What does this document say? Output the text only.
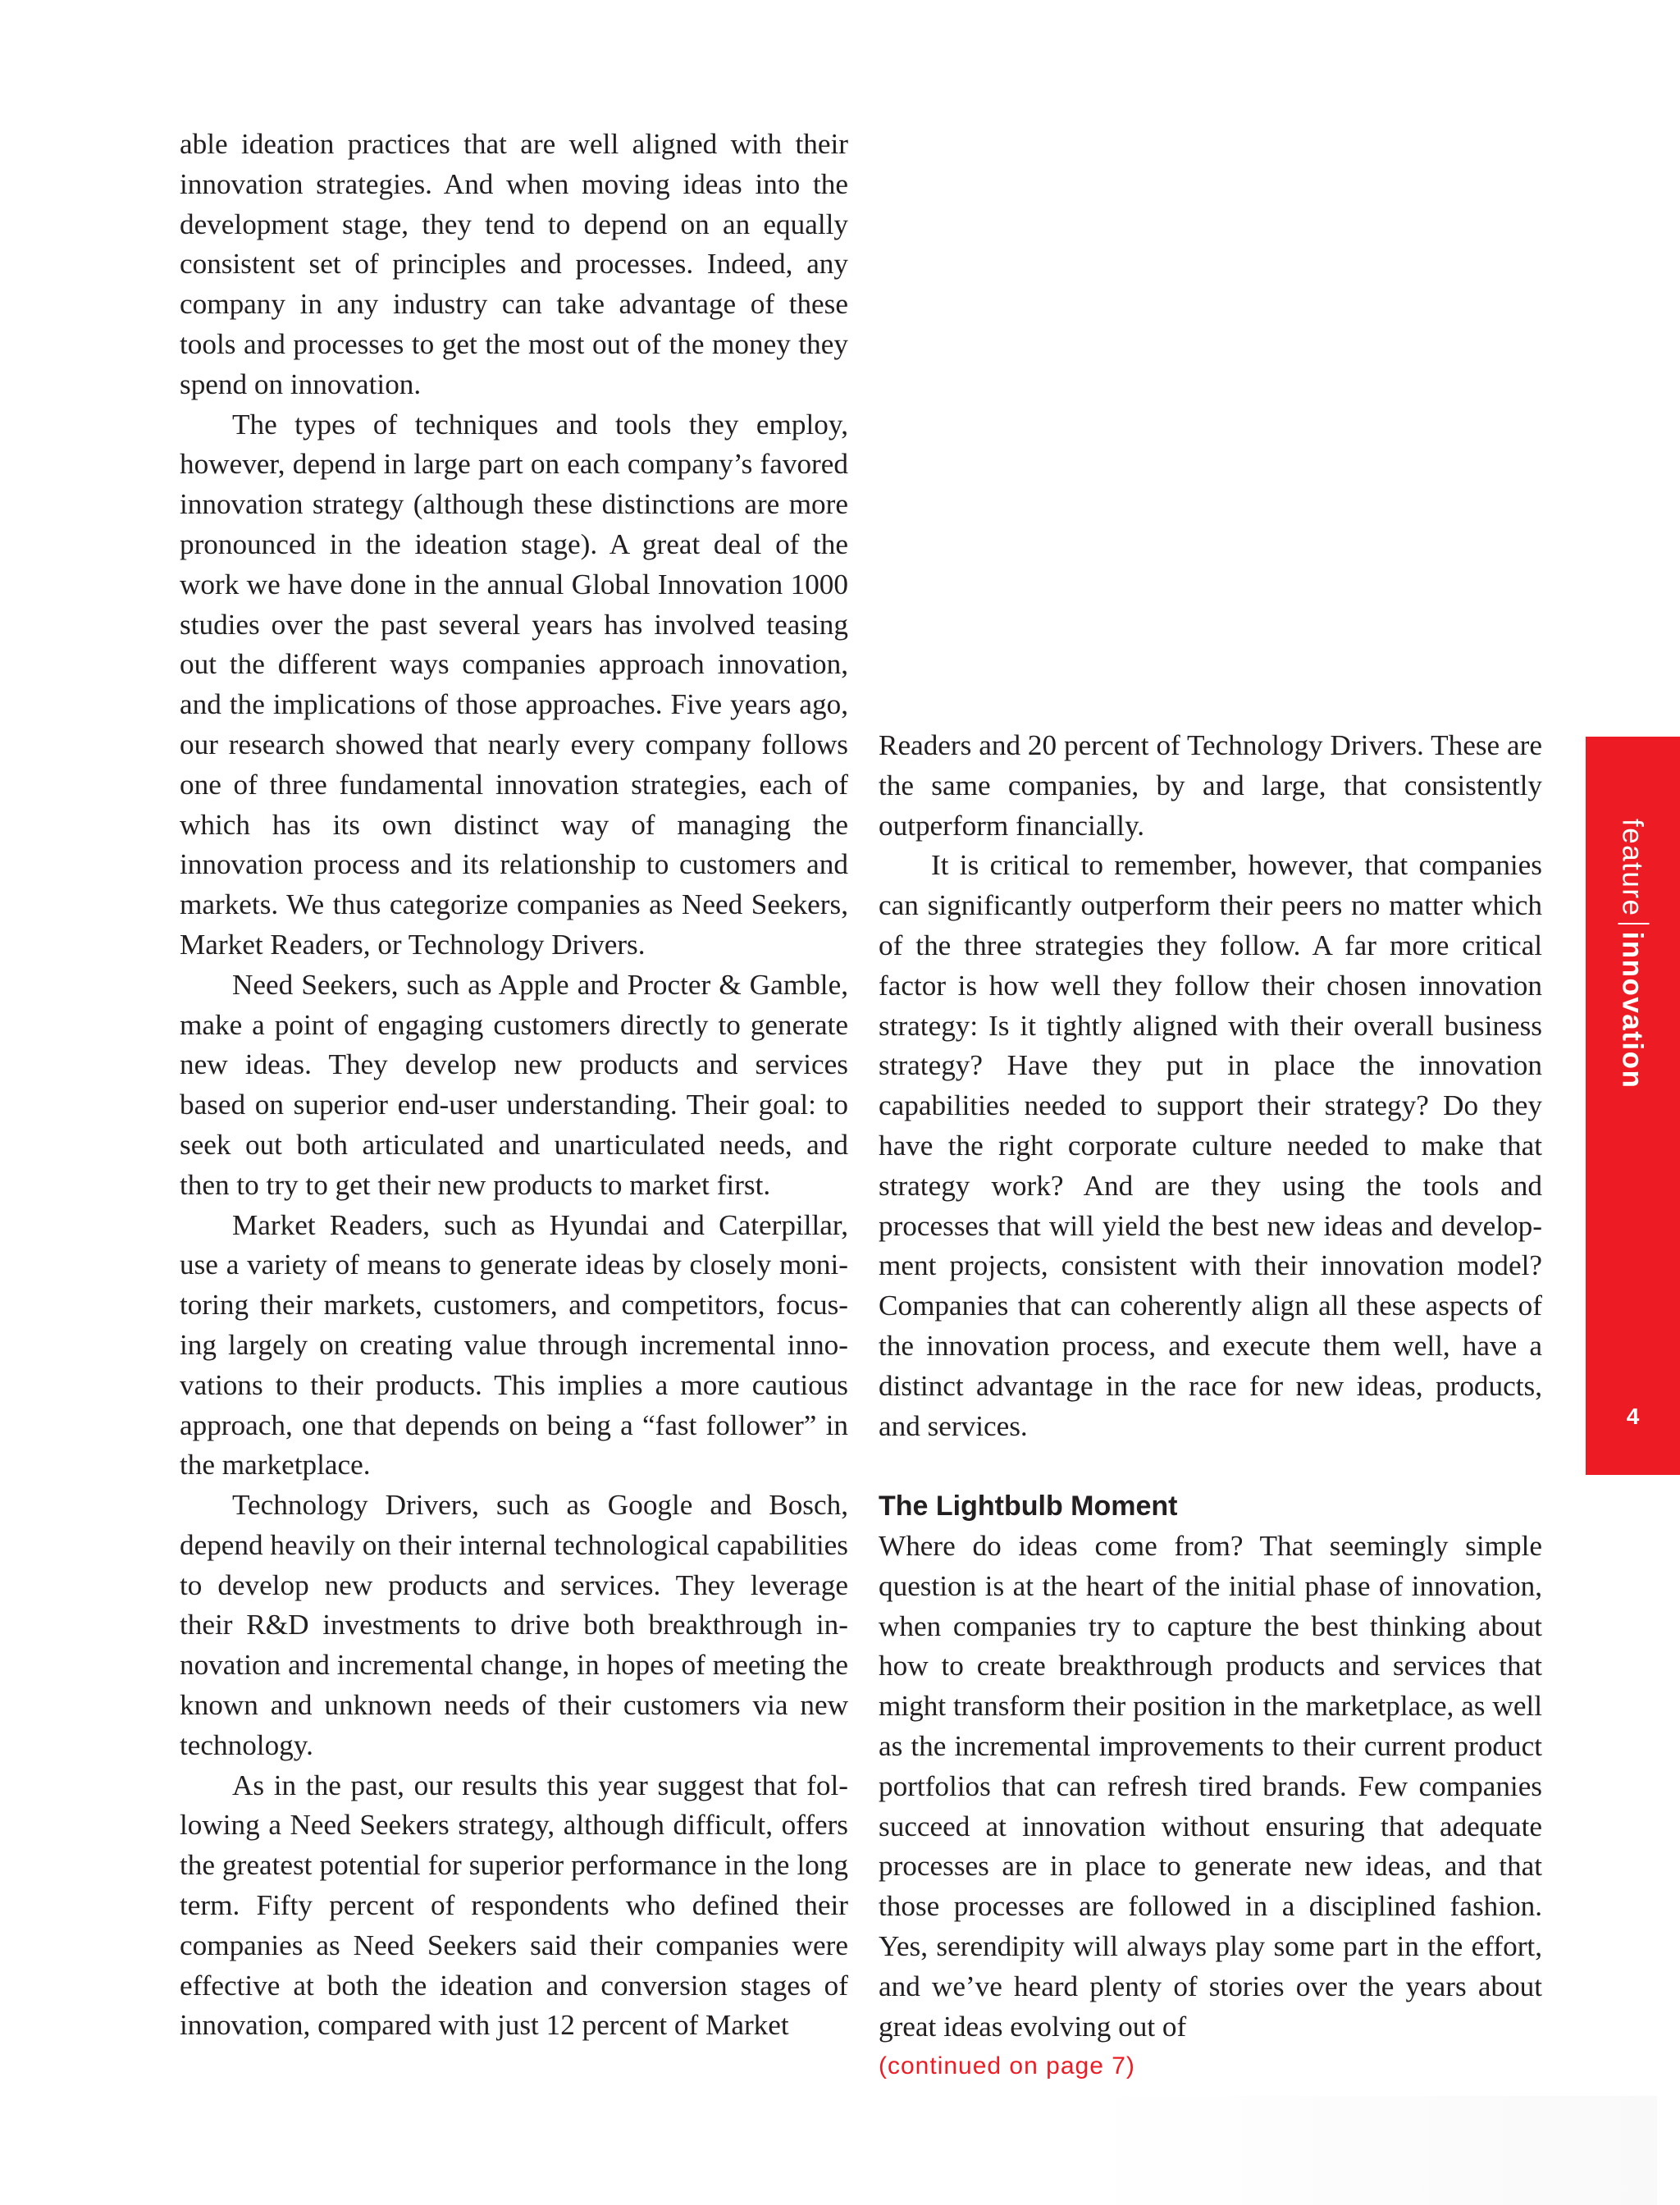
able ideation practices that are well aligned with their innovation strategies. And when moving ideas into the development stage, they tend to depend on an equally consistent set of principles and processes. Indeed, any company in any industry can take advantage of these tools and processes to get the most out of the money they spend on innovation.

The types of techniques and tools they employ, however, depend in large part on each company’s favored innovation strategy (although these distinctions are more pronounced in the ideation stage). A great deal of the work we have done in the annual Global Innovation 1000 studies over the past several years has involved teasing out the different ways companies approach innovation, and the implications of those approaches. Five years ago, our research showed that nearly every company follows one of three fundamental innovation strategies, each of which has its own distinct way of managing the innovation process and its relationship to customers and markets. We thus categorize companies as Need Seekers, Market Readers, or Technology Drivers.

Need Seekers, such as Apple and Procter & Gamble, make a point of engaging customers directly to generate new ideas. They develop new products and services based on superior end-user understanding. Their goal: to seek out both articulated and unarticulated needs, and then to try to get their new products to market first.

Market Readers, such as Hyundai and Caterpillar, use a variety of means to generate ideas by closely monitoring their markets, customers, and competitors, focusing largely on creating value through incremental innovations to their products. This implies a more cautious approach, one that depends on being a “fast follower” in the marketplace.

Technology Drivers, such as Google and Bosch, depend heavily on their internal technological capabilities to develop new products and services. They leverage their R&D investments to drive both breakthrough innovation and incremental change, in hopes of meeting the known and unknown needs of their customers via new technology.

As in the past, our results this year suggest that following a Need Seekers strategy, although difficult, offers the greatest potential for superior performance in the long term. Fifty percent of respondents who defined their companies as Need Seekers said their companies were effective at both the ideation and conversion stages of innovation, compared with just 12 percent of Market

Readers and 20 percent of Technology Drivers. These are the same companies, by and large, that consistently outperform financially.

It is critical to remember, however, that companies can significantly outperform their peers no matter which of the three strategies they follow. A far more critical factor is how well they follow their chosen innovation strategy: Is it tightly aligned with their overall business strategy? Have they put in place the innovation capabilities needed to support their strategy? Do they have the right corporate culture needed to make that strategy work? And are they using the tools and processes that will yield the best new ideas and development projects, consistent with their innovation model? Companies that can coherently align all these aspects of the innovation process, and execute them well, have a distinct advantage in the race for new ideas, products, and services.

The Lightbulb Moment

Where do ideas come from? That seemingly simple question is at the heart of the initial phase of innovation, when companies try to capture the best thinking about how to create breakthrough products and services that might transform their position in the marketplace, as well as the incremental improvements to their current product portfolios that can refresh tired brands. Few companies succeed at innovation without ensuring that adequate processes are in place to generate new ideas, and that those processes are followed in a disciplined fashion. Yes, serendipity will always play some part in the effort, and we’ve heard plenty of stories over the years about great ideas evolving out of

(continued on page 7)
featureinnovation
4
